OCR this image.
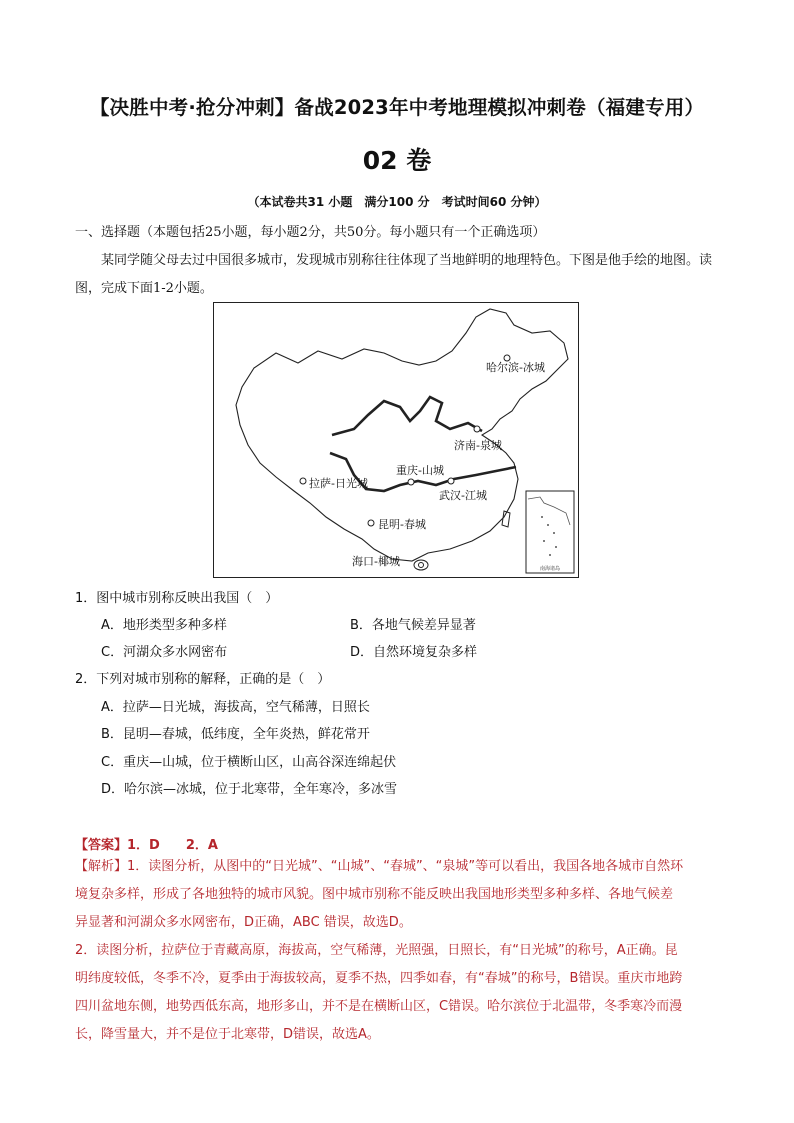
【决胜中考·抢分冲刺】备战2023年中考地理模拟冲刺卷（福建专用）
02 卷
（本试卷共31 小题　满分100 分　考试时间60 分钟）
一、选择题（本题包括25小题，每小题2分，共50分。每小题只有一个正确选项）
某同学随父母去过中国很多城市，发现城市别称往往体现了当地鲜明的地理特色。下图是他手绘的地图。读图，完成下面1-2小题。
哈尔滨-冰城
济南-泉城
重庆-山城
拉萨-日光城
武汉-江城
昆明-春城
海口-椰城
南海诸岛
1．图中城市别称反映出我国（　）
A．地形类型多种多样	B．各地气候差异显著
C．河湖众多水网密布	D．自然环境复杂多样
2．下列对城市别称的解释，正确的是（　）
A．拉萨—日光城，海拔高，空气稀薄，日照长
B．昆明—春城，低纬度，全年炎热，鲜花常开
C．重庆—山城，位于横断山区，山高谷深连绵起伏
D．哈尔滨—冰城，位于北寒带，全年寒冷，多冰雪
【答案】1．D　　2．A
【解析】1．读图分析，从图中的“日光城”、“山城”、“春城”、“泉城”等可以看出，我国各地各城市自然环
境复杂多样，形成了各地独特的城市风貌。图中城市别称不能反映出我国地形类型多种多样、各地气候差
异显著和河湖众多水网密布，D正确，ABC 错误，故选D。
2．读图分析，拉萨位于青藏高原，海拔高，空气稀薄，光照强，日照长，有“日光城”的称号，A正确。昆
明纬度较低，冬季不冷，夏季由于海拔较高，夏季不热，四季如春，有“春城”的称号，B错误。重庆市地跨
四川盆地东侧，地势西低东高，地形多山，并不是在横断山区，C错误。哈尔滨位于北温带，冬季寒冷而漫
长，降雪量大，并不是位于北寒带，D错误，故选A。
